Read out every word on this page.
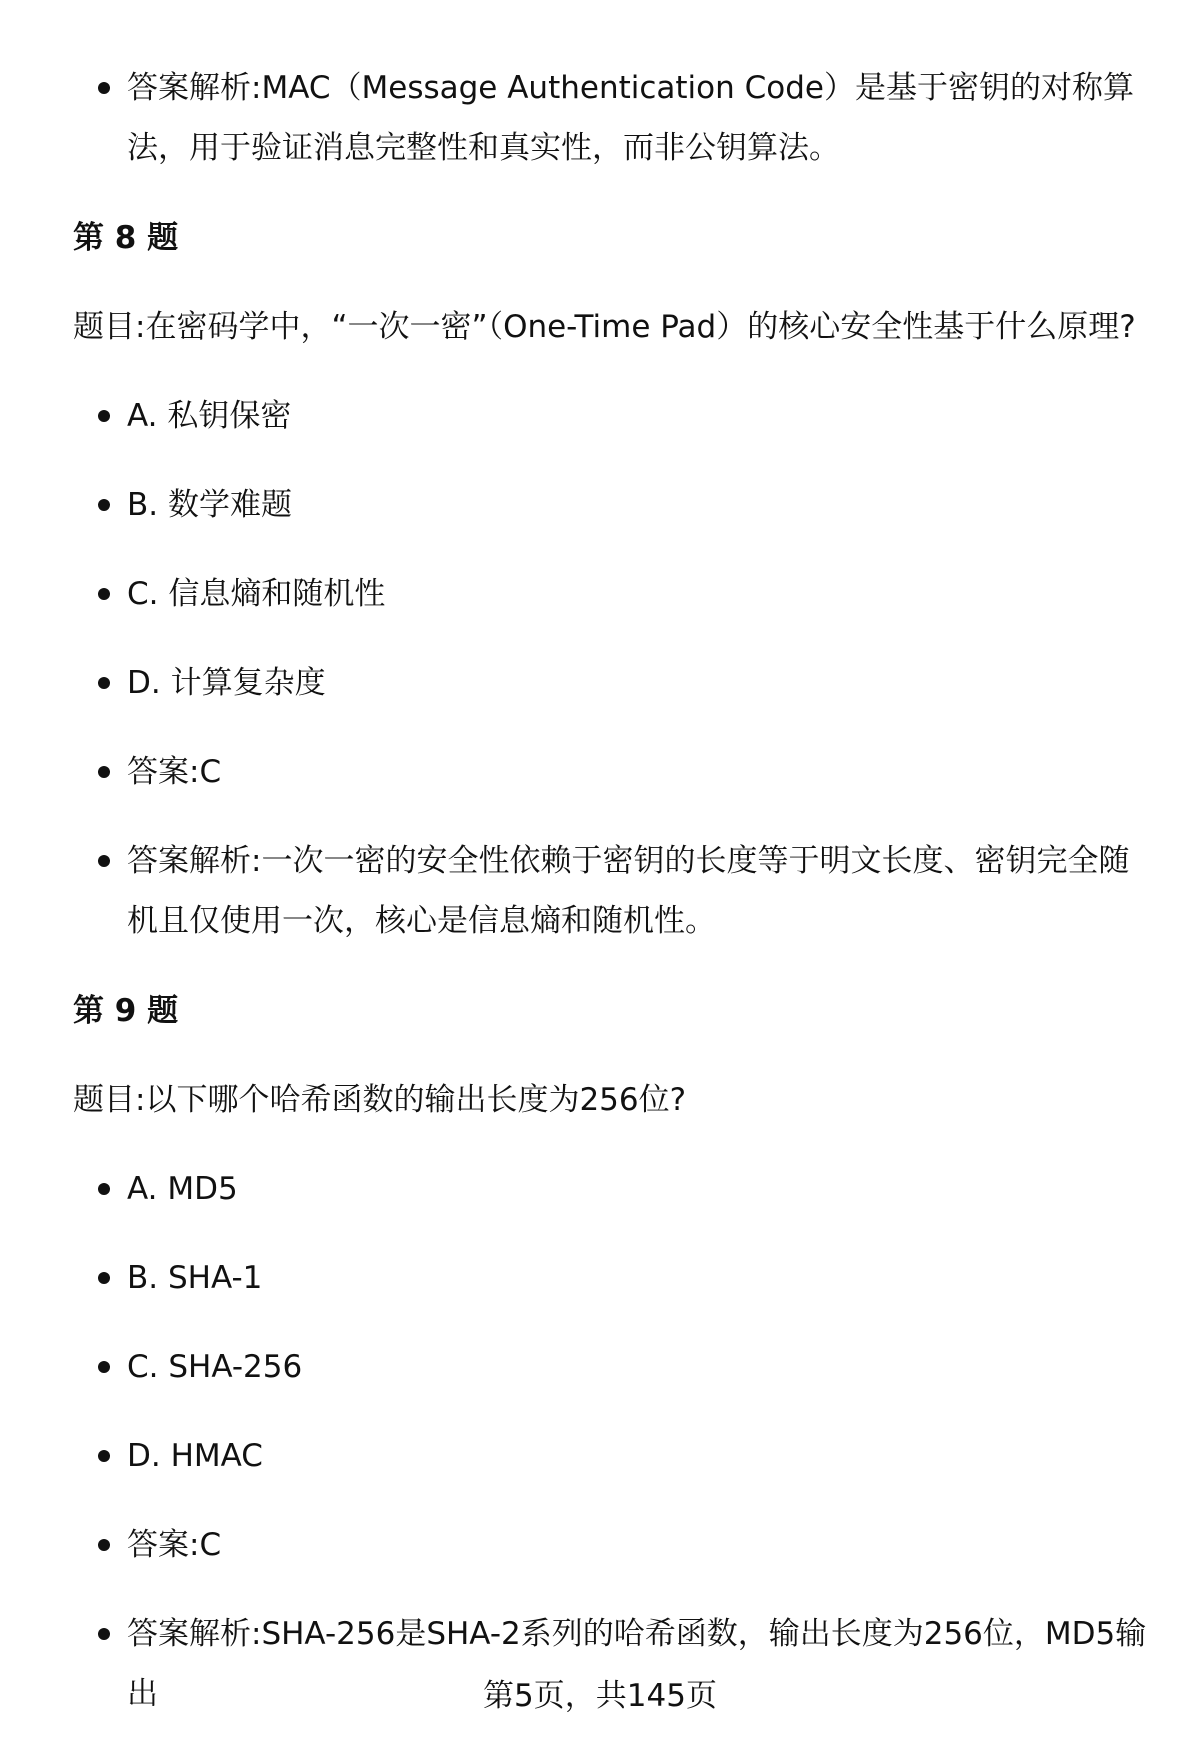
答案解析:MAC（Message Authentication Code）是基于密钥的对称算法，用于验证消息完整性和真实性，而非公钥算法。
第 8 题
题目:在密码学中，“一次一密”（One-Time Pad）的核心安全性基于什么原理?
A. 私钥保密
B. 数学难题
C. 信息熵和随机性
D. 计算复杂度
答案:C
答案解析:一次一密的安全性依赖于密钥的长度等于明文长度、密钥完全随机且仅使用一次，核心是信息熵和随机性。
第 9 题
题目:以下哪个哈希函数的输出长度为256位?
A. MD5
B. SHA-1
C. SHA-256
D. HMAC
答案:C
答案解析:SHA-256是SHA-2系列的哈希函数，输出长度为256位，MD5输出	第5页，共145页
